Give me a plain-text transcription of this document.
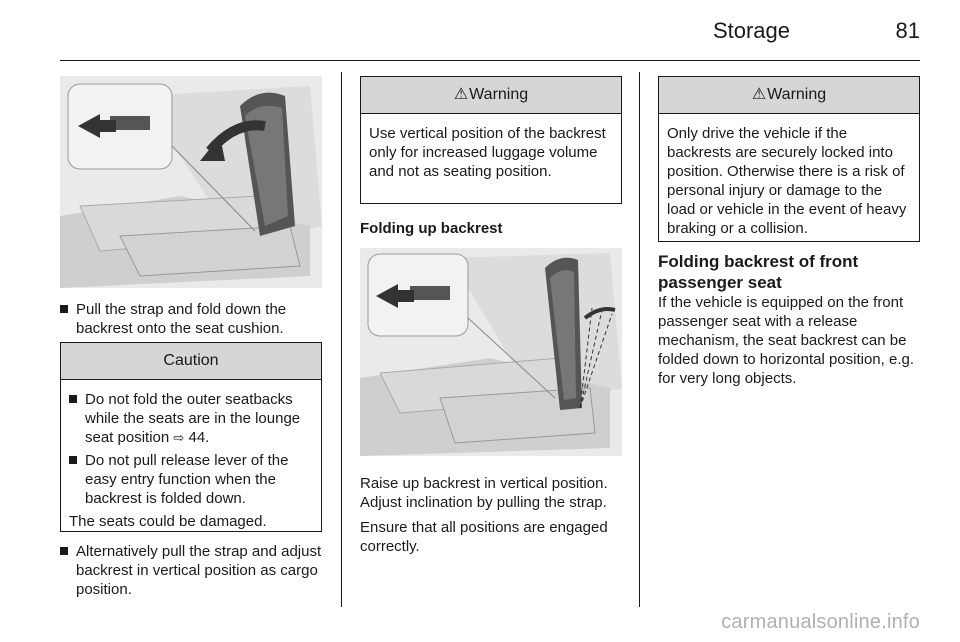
Storage	81
Pull the strap and fold down the backrest onto the seat cushion.
Caution
Do not fold the outer seatbacks while the seats are in the lounge seat position ⇨ 44.
Do not pull release lever of the easy entry function when the backrest is folded down.
The seats could be damaged.
Alternatively pull the strap and adjust backrest in vertical position as cargo position.
⚠Warning
Use vertical position of the backrest only for increased luggage volume and not as seating position.
Folding up backrest
Raise up backrest in vertical position. Adjust inclination by pulling the strap.
Ensure that all positions are engaged correctly.
⚠Warning
Only drive the vehicle if the backrests are securely locked into position. Otherwise there is a risk of personal injury or damage to the load or vehicle in the event of heavy braking or a collision.
Folding backrest of front passenger seat
If the vehicle is equipped on the front passenger seat with a release mechanism, the seat backrest can be folded down to horizontal position, e.g. for very long objects.
carmanualsonline.info
